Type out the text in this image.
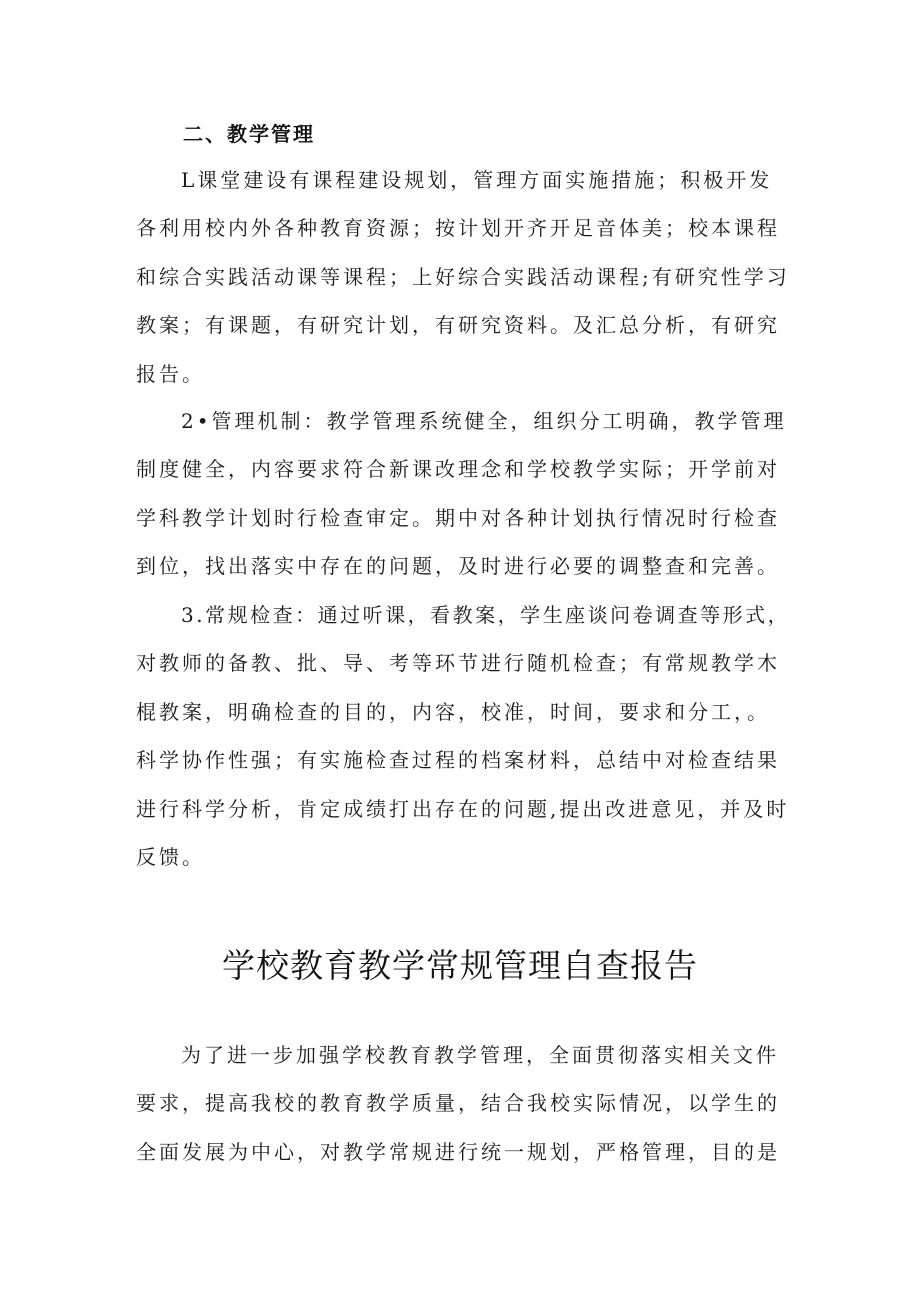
二、教学管理
L课堂建设有课程建设规划，管理方面实施措施；积极开发
各利用校内外各种教育资源；按计划开齐开足音体美；校本课程
和综合实践活动课等课程；上好综合实践活动课程;有研究性学习
教案；有课题，有研究计划，有研究资料。及汇总分析，有研究
报告。
2•管理机制：教学管理系统健全，组织分工明确，教学管理
制度健全，内容要求符合新课改理念和学校教学实际；开学前对
学科教学计划时行检查审定。期中对各种计划执行情况时行检查
到位，找出落实中存在的问题，及时进行必要的调整查和完善。
3.常规检查：通过听课，看教案，学生座谈问卷调查等形式，
对教师的备教、批、导、考等环节进行随机检查；有常规教学木
棍教案，明确检查的目的，内容，校准，时间，要求和分工，。
科学协作性强；有实施检查过程的档案材料，总结中对检查结果
进行科学分析，肯定成绩打出存在的问题,提出改进意见，并及时
反馈。
学校教育教学常规管理自查报告
为了进一步加强学校教育教学管理，全面贯彻落实相关文件
要求，提高我校的教育教学质量，结合我校实际情况，以学生的
全面发展为中心，对教学常规进行统一规划，严格管理，目的是
